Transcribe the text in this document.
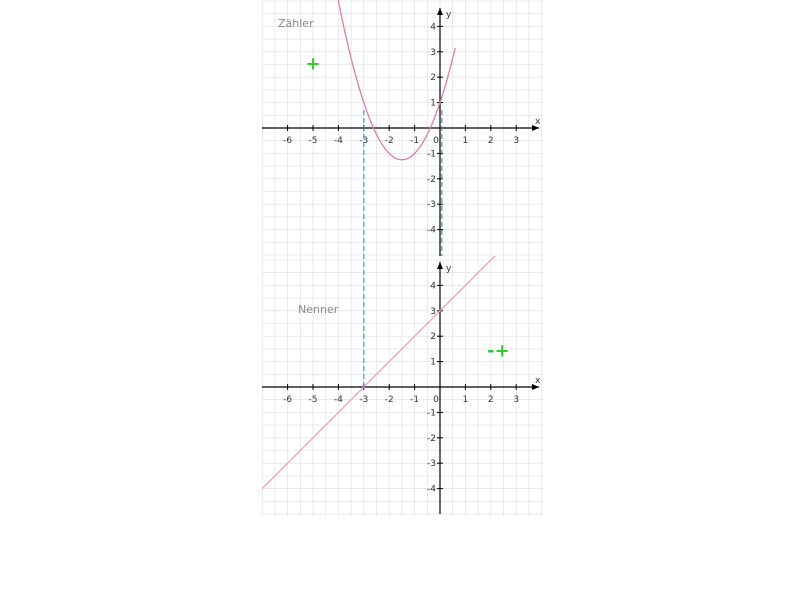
x
y
-6 -5 -4 -3 -2 -1 0	1 2 3
-4
-3
-2
-1
1
2
3
4
Zähler
+
x
y
-6 -5 -4 -3 -2 -1 0	1 2 3
-4
-3
-2
-1
1
2
3
4
Nenner
-+
